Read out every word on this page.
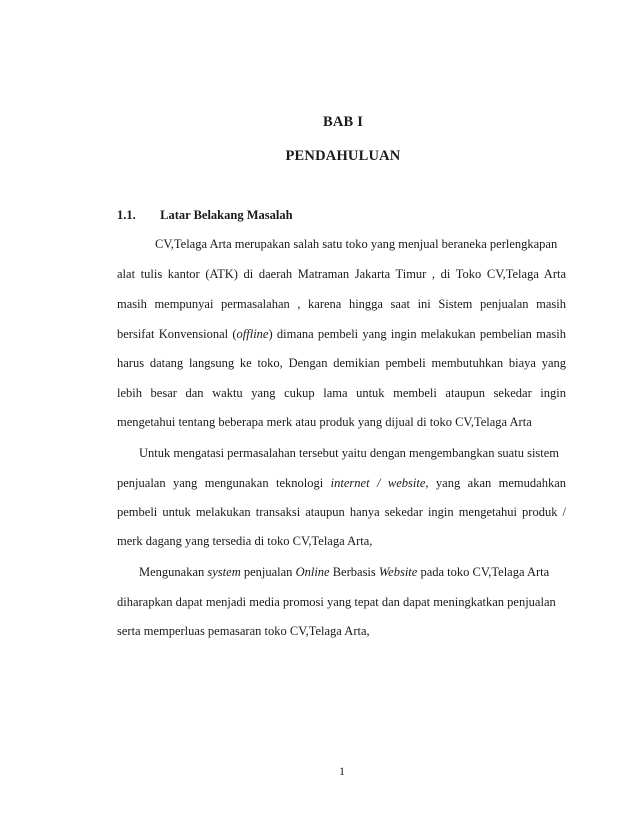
BAB I
PENDAHULUAN
1.1. Latar Belakang Masalah
CV,Telaga Arta merupakan salah satu toko yang menjual beraneka perlengkapan
alat tulis kantor (ATK) di daerah Matraman Jakarta Timur , di Toko CV,Telaga Arta
masih mempunyai permasalahan , karena hingga saat ini Sistem penjualan masih
bersifat Konvensional (offline) dimana pembeli yang ingin melakukan pembelian masih
harus datang langsung ke toko, Dengan demikian pembeli membutuhkan biaya yang
lebih besar dan waktu yang cukup lama untuk membeli ataupun sekedar ingin
mengetahui tentang beberapa merk atau produk yang dijual di toko CV,Telaga Arta
Untuk mengatasi permasalahan tersebut yaitu dengan mengembangkan suatu sistem
penjualan yang mengunakan teknologi internet / website, yang akan memudahkan
pembeli untuk melakukan transaksi ataupun hanya sekedar ingin mengetahui produk /
merk dagang yang tersedia di toko CV,Telaga Arta,
Mengunakan system penjualan Online Berbasis Website pada toko CV,Telaga Arta
diharapkan dapat menjadi media promosi yang tepat dan dapat meningkatkan penjualan
serta memperluas pemasaran toko CV,Telaga Arta,
1
